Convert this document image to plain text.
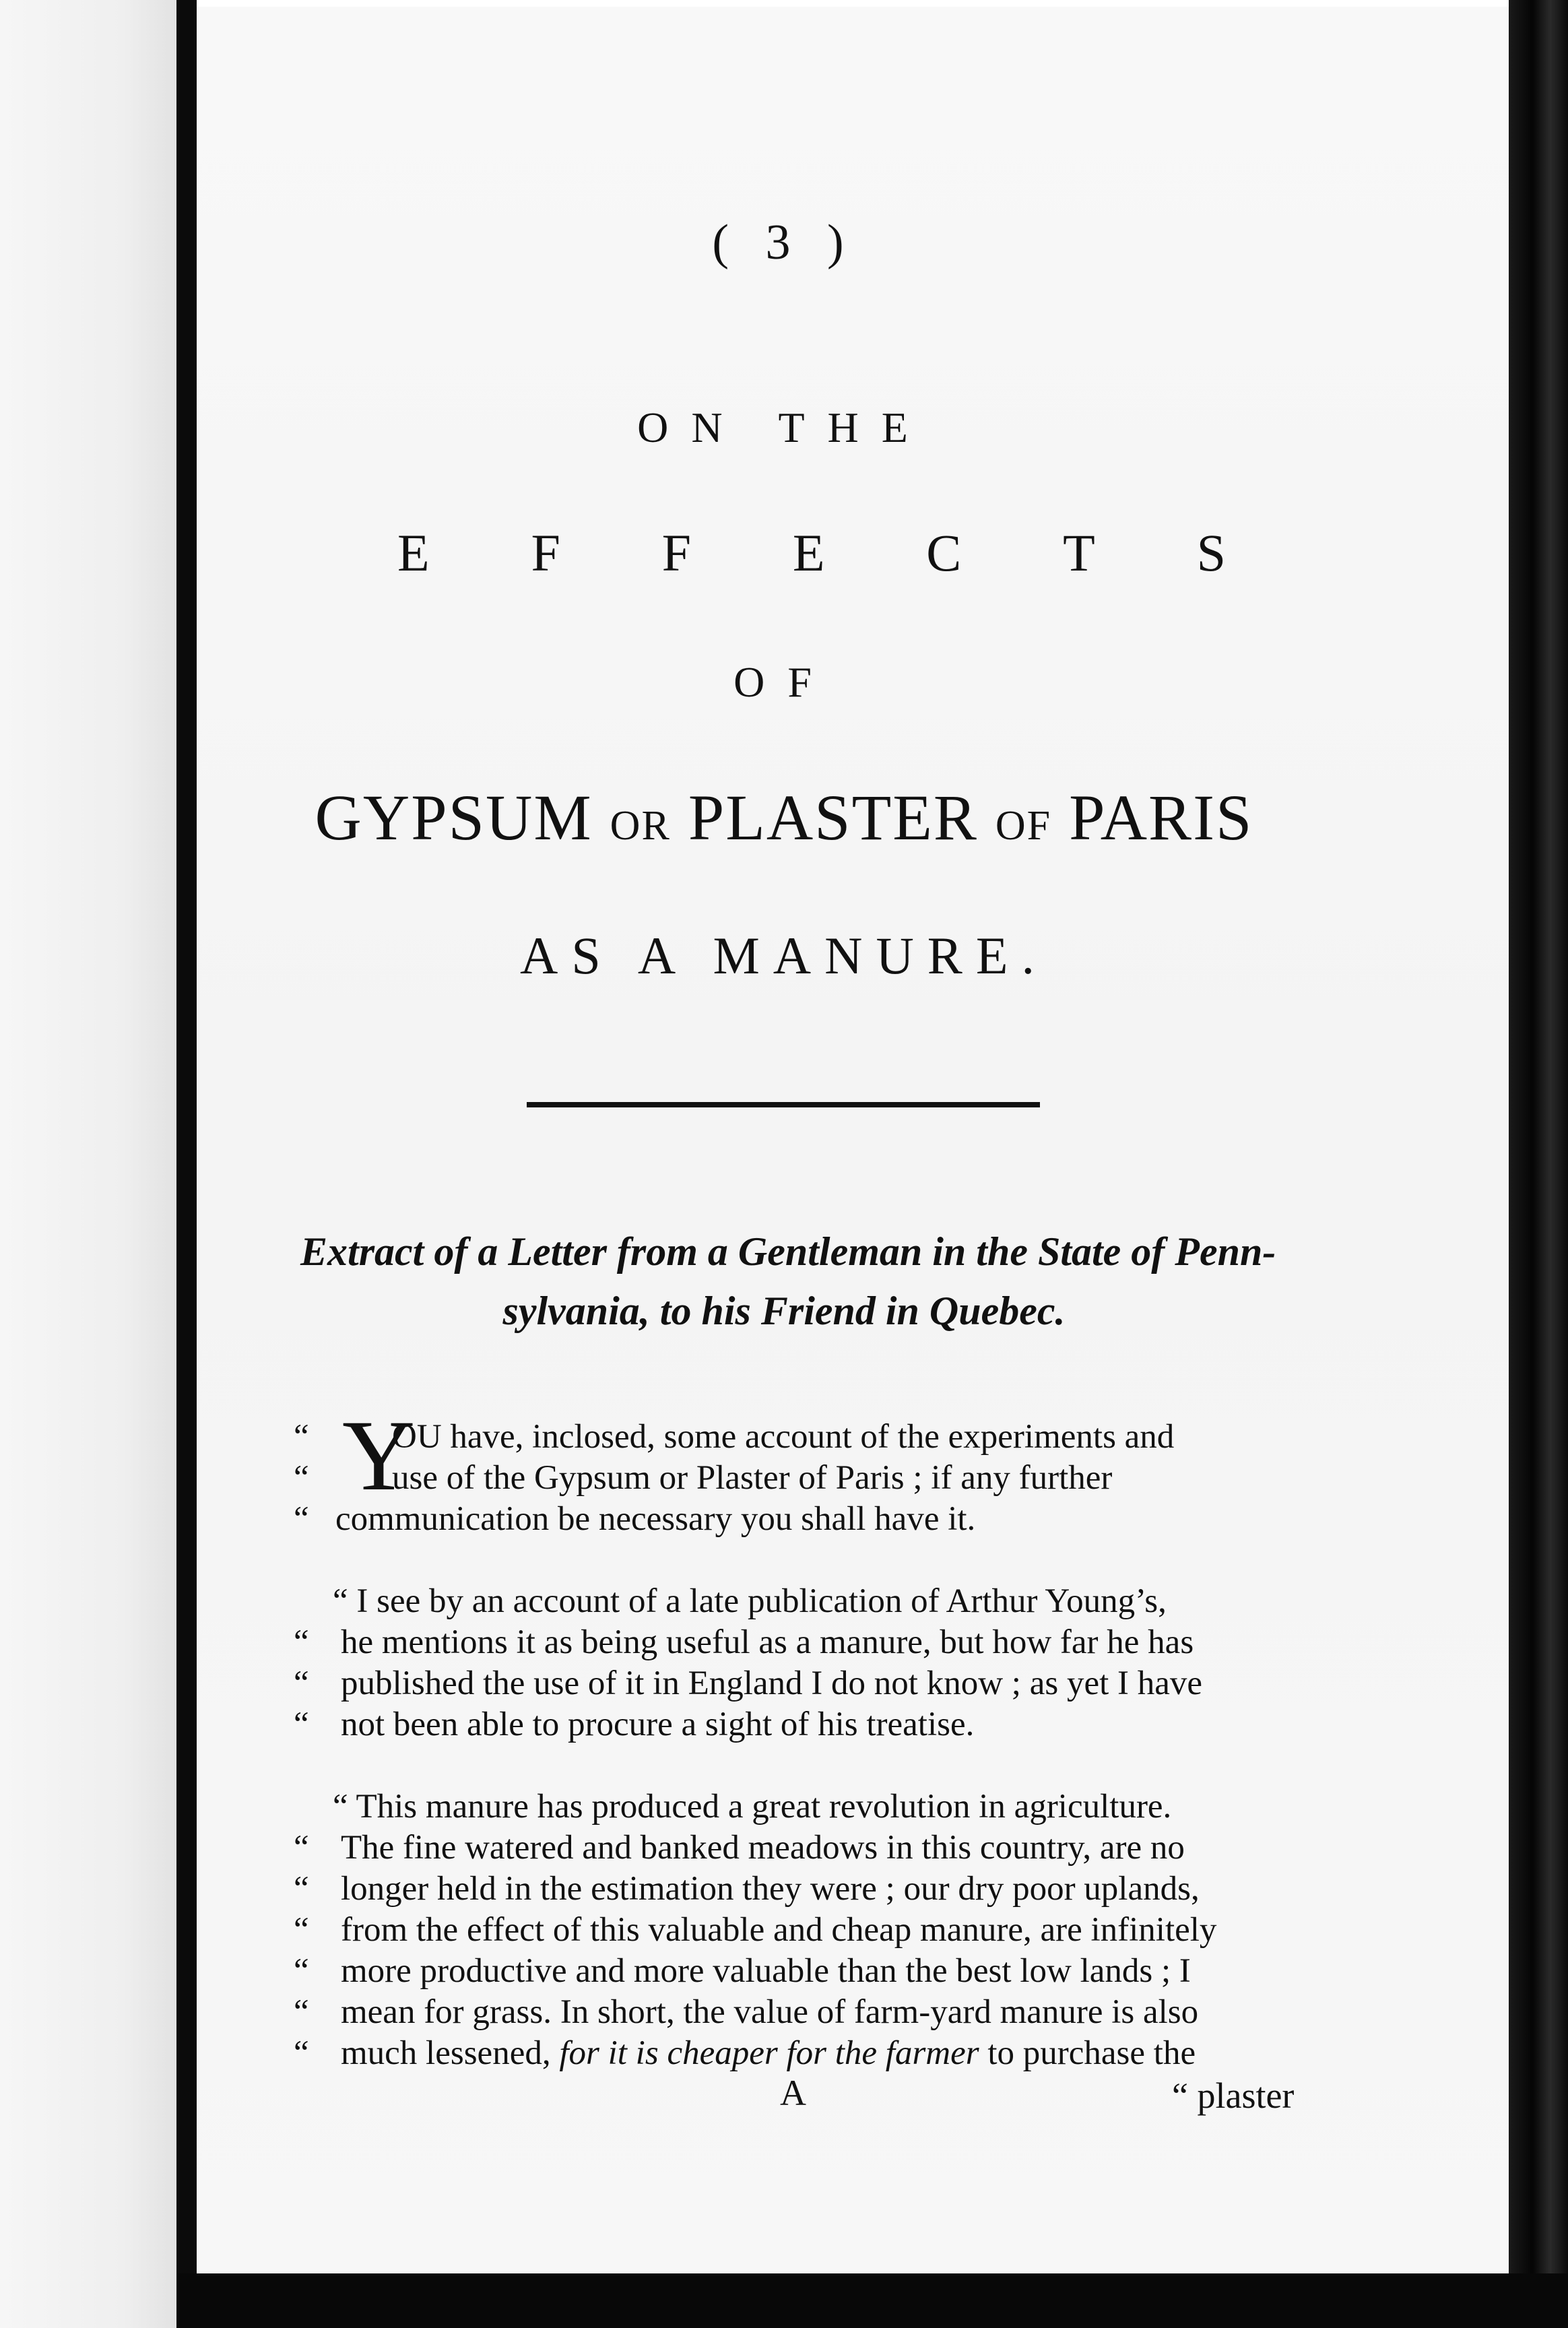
( 3 )
ON THE
E F F E C T S
OF
GYPSUM OR PLASTER OF PARIS
AS A MANURE.
Extract of a Letter from a Gentleman in the State of Penn-
sylvania, to his Friend in Quebec.
Y
“ OU have, inclosed, some account of the experiments and
“ use of the Gypsum or Plaster of Paris ; if any further
“ communication be necessary you shall have it.
“ I see by an account of a late publication of Arthur Young’s,
“ he mentions it as being useful as a manure, but how far he has
“ published the use of it in England I do not know ; as yet I have
“ not been able to procure a sight of his treatise.
“ This manure has produced a great revolution in agriculture.
“ The fine watered and banked meadows in this country, are no
“ longer held in the estimation they were ; our dry poor uplands,
“ from the effect of this valuable and cheap manure, are infinitely
“ more productive and more valuable than the best low lands ; I
“ mean for grass. In short, the value of farm-yard manure is also
“ much lessened, for it is cheaper for the farmer to purchase the
A	“ plaster
